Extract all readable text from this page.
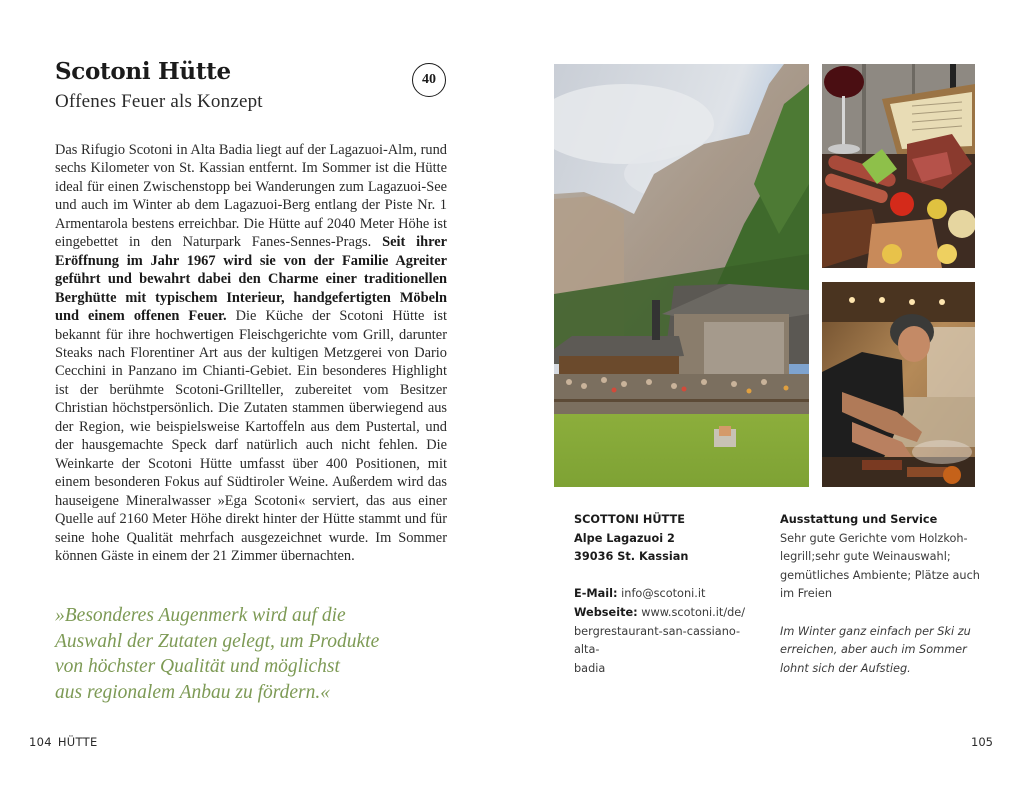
Scotoni Hütte
Offenes Feuer als Konzept
40

Das Rifugio Scotoni in Alta Badia liegt auf der Lagazuoi-Alm, rund sechs Kilometer von St. Kassian entfernt. Im Sommer ist die Hütte ideal für einen Zwischenstopp bei Wanderungen zum Lagazuoi-See und auch im Winter ab dem Lagazuoi-Berg entlang der Piste Nr. 1 Armentarola bestens erreichbar. Die Hütte auf 2040 Meter Höhe ist eingebettet in den Naturpark Fanes-Sennes-Prags. Seit ihrer Eröffnung im Jahr 1967 wird sie von der Familie Agreiter geführt und bewahrt dabei den Charme einer traditionellen Berghütte mit typischem Interieur, handgefertigten Möbeln und einem offenen Feuer. Die Küche der Scotoni Hütte ist bekannt für ihre hochwertigen Fleischgerichte vom Grill, darunter Steaks nach Florentiner Art aus der kultigen Metzgerei von Dario Cecchini in Panzano im Chianti-Gebiet. Ein besonderes Highlight ist der berühmte Scotoni-Grillteller, zubereitet vom Besitzer Christian höchstpersönlich. Die Zutaten stammen überwiegend aus der Region, wie beispielsweise Kartoffeln aus dem Pustertal, und der hausgemachte Speck darf natürlich auch nicht fehlen. Die Weinkarte der Scotoni Hütte umfasst über 400 Positionen, mit einem besonderen Fokus auf Südtiroler Weine. Außerdem wird das hauseigene Mineralwasser »Ega Scotoni« serviert, das aus einer Quelle auf 2160 Meter Höhe direkt hinter der Hütte stammt und für seine hohe Qualität mehrfach ausgezeichnet wurde. Im Sommer können Gäste in einem der 21 Zimmer übernachten.

»Besonderes Augenmerk wird auf die
Auswahl der Zutaten gelegt, um Produkte
von höchster Qualität und möglichst
aus regionalem Anbau zu fördern.«
104 HÜTTE
SCOTTONI HÜTTE
Alpe Lagazuoi 2
39036 St. Kassian
E-Mail: info@scotoni.it
Webseite: www.scotoni.it/de/
bergrestaurant-san-cassiano-alta-
badia
Ausstattung und Service
Sehr gute Gerichte vom Holzkoh-
legrill;sehr gute Weinauswahl;
gemütliches Ambiente; Plätze auch
im Freien
Im Winter ganz einfach per Ski zu
erreichen, aber auch im Sommer
lohnt sich der Aufstieg.
105
